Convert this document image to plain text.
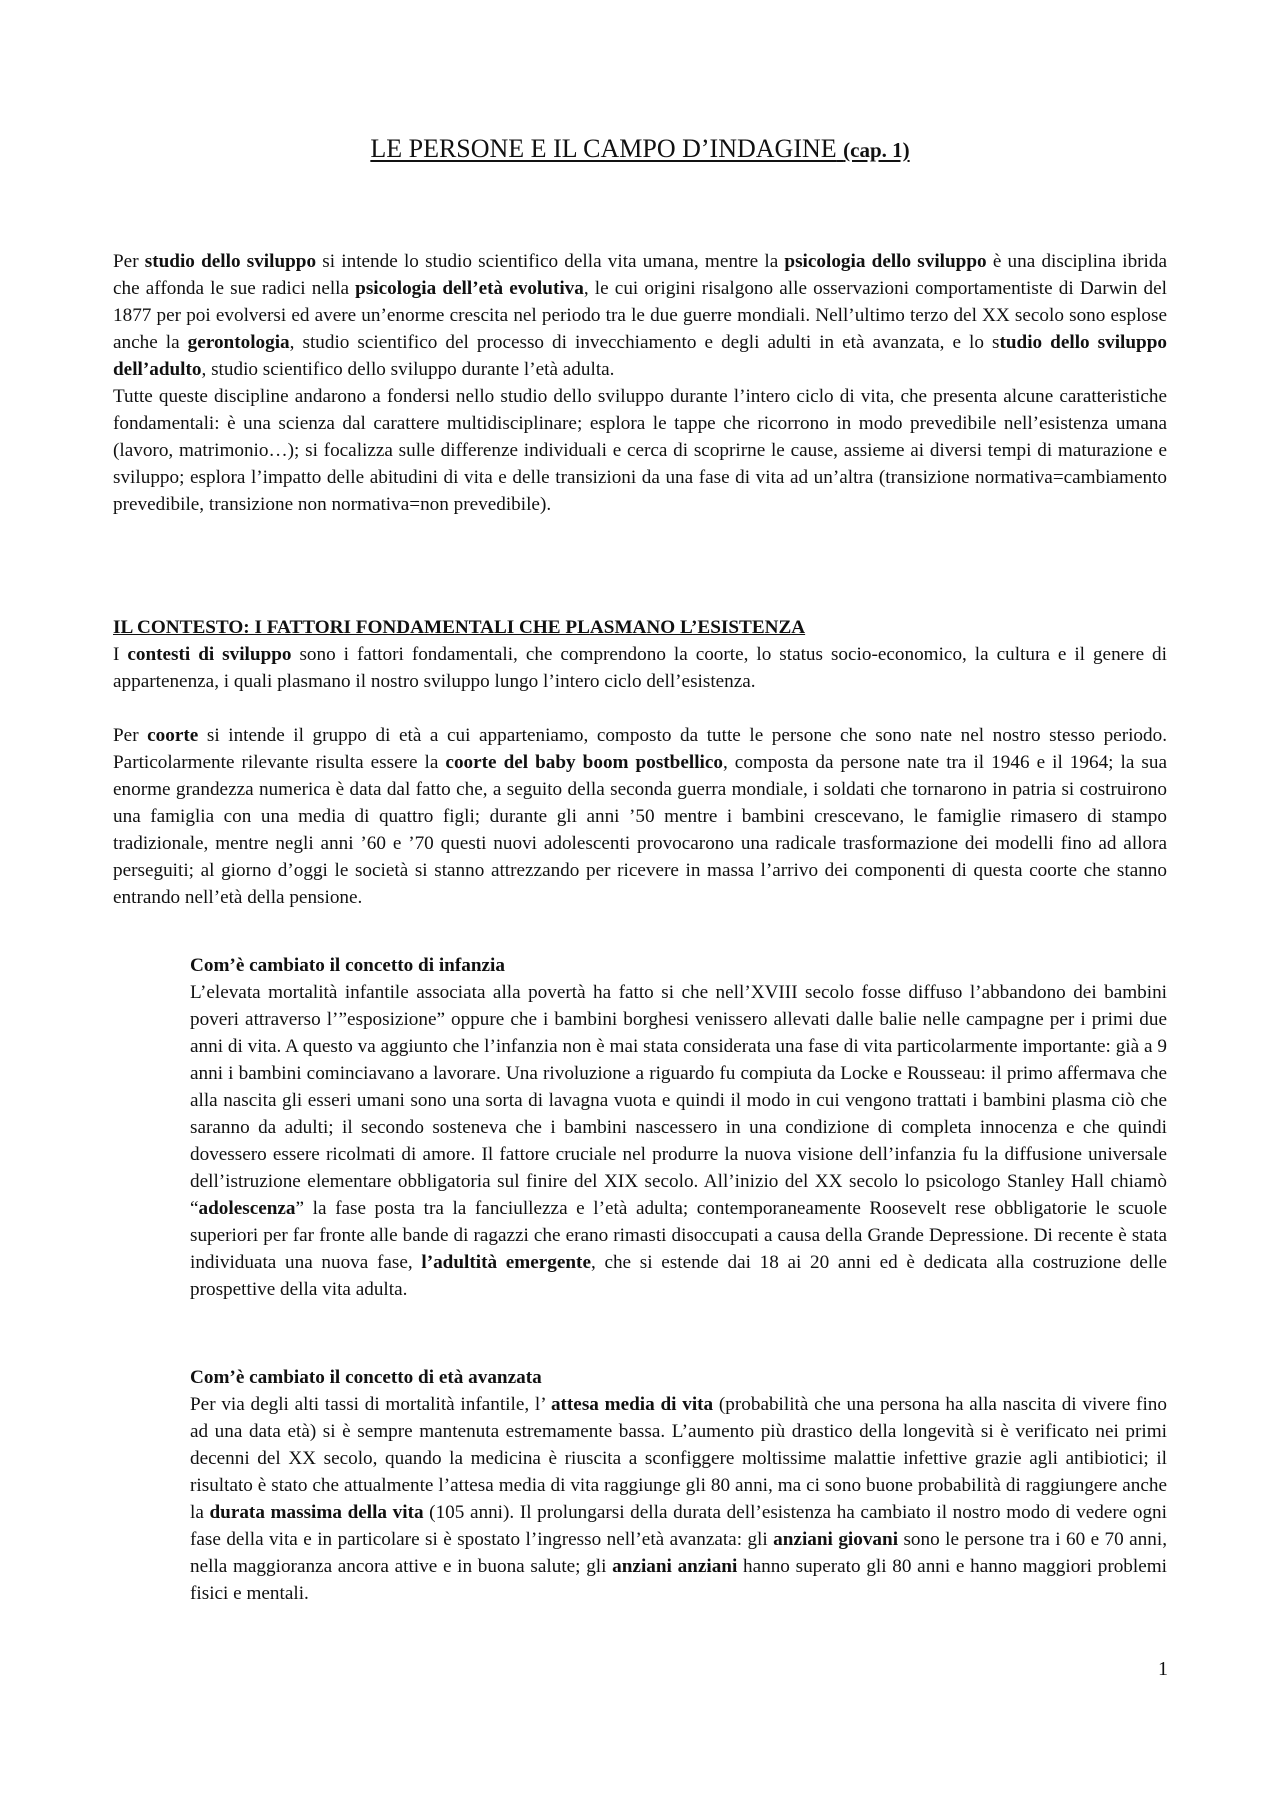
LE PERSONE E IL CAMPO D’INDAGINE (cap. 1)

Per studio dello sviluppo si intende lo studio scientifico della vita umana, mentre la psicologia dello sviluppo è una disciplina ibrida che affonda le sue radici nella psicologia dell’età evolutiva, le cui origini risalgono alle osservazioni comportamentiste di Darwin del 1877 per poi evolversi ed avere un’enorme crescita nel periodo tra le due guerre mondiali. Nell’ultimo terzo del XX secolo sono esplose anche la gerontologia, studio scientifico del processo di invecchiamento e degli adulti in età avanzata, e lo studio dello sviluppo dell’adulto, studio scientifico dello sviluppo durante l’età adulta.

Tutte queste discipline andarono a fondersi nello studio dello sviluppo durante l’intero ciclo di vita, che presenta alcune caratteristiche fondamentali: è una scienza dal carattere multidisciplinare; esplora le tappe che ricorrono in modo prevedibile nell’esistenza umana (lavoro, matrimonio…); si focalizza sulle differenze individuali e cerca di scoprirne le cause, assieme ai diversi tempi di maturazione e sviluppo; esplora l’impatto delle abitudini di vita e delle transizioni da una fase di vita ad un’altra (transizione normativa=cambiamento prevedibile, transizione non normativa=non prevedibile).

IL CONTESTO: I FATTORI FONDAMENTALI CHE PLASMANO L’ESISTENZA

I contesti di sviluppo sono i fattori fondamentali, che comprendono la coorte, lo status socio-economico, la cultura e il genere di appartenenza, i quali plasmano il nostro sviluppo lungo l’intero ciclo dell’esistenza.

Per coorte si intende il gruppo di età a cui apparteniamo, composto da tutte le persone che sono nate nel nostro stesso periodo. Particolarmente rilevante risulta essere la coorte del baby boom postbellico, composta da persone nate tra il 1946 e il 1964; la sua enorme grandezza numerica è data dal fatto che, a seguito della seconda guerra mondiale, i soldati che tornarono in patria si costruirono una famiglia con una media di quattro figli; durante gli anni ’50 mentre i bambini crescevano, le famiglie rimasero di stampo tradizionale, mentre negli anni ’60 e ’70 questi nuovi adolescenti provocarono una radicale trasformazione dei modelli fino ad allora perseguiti; al giorno d’oggi le società si stanno attrezzando per ricevere in massa l’arrivo dei componenti di questa coorte che stanno entrando nell’età della pensione.

Com’è cambiato il concetto di infanzia

L’elevata mortalità infantile associata alla povertà ha fatto si che nell’XVIII secolo fosse diffuso l’abbandono dei bambini poveri attraverso l’”esposizione” oppure che i bambini borghesi venissero allevati dalle balie nelle campagne per i primi due anni di vita. A questo va aggiunto che l’infanzia non è mai stata considerata una fase di vita particolarmente importante: già a 9 anni i bambini cominciavano a lavorare. Una rivoluzione a riguardo fu compiuta da Locke e Rousseau: il primo affermava che alla nascita gli esseri umani sono una sorta di lavagna vuota e quindi il modo in cui vengono trattati i bambini plasma ciò che saranno da adulti; il secondo sosteneva che i bambini nascessero in una condizione di completa innocenza e che quindi dovessero essere ricolmati di amore. Il fattore cruciale nel produrre la nuova visione dell’infanzia fu la diffusione universale dell’istruzione elementare obbligatoria sul finire del XIX secolo. All’inizio del XX secolo lo psicologo Stanley Hall chiamò “adolescenza” la fase posta tra la fanciullezza e l’età adulta; contemporaneamente Roosevelt rese obbligatorie le scuole superiori per far fronte alle bande di ragazzi che erano rimasti disoccupati a causa della Grande Depressione. Di recente è stata individuata una nuova fase, l’adultità emergente, che si estende dai 18 ai 20 anni ed è dedicata alla costruzione delle prospettive della vita adulta.

Com’è cambiato il concetto di età avanzata

Per via degli alti tassi di mortalità infantile, l’ attesa media di vita (probabilità che una persona ha alla nascita di vivere fino ad una data età) si è sempre mantenuta estremamente bassa. L’aumento più drastico della longevità si è verificato nei primi decenni del XX secolo, quando la medicina è riuscita a sconfiggere moltissime malattie infettive grazie agli antibiotici; il risultato è stato che attualmente l’attesa media di vita raggiunge gli 80 anni, ma ci sono buone probabilità di raggiungere anche la durata massima della vita (105 anni). Il prolungarsi della durata dell’esistenza ha cambiato il nostro modo di vedere ogni fase della vita e in particolare si è spostato l’ingresso nell’età avanzata: gli anziani giovani sono le persone tra i 60 e 70 anni, nella maggioranza ancora attive e in buona salute; gli anziani anziani hanno superato gli 80 anni e hanno maggiori problemi fisici e mentali.

1
